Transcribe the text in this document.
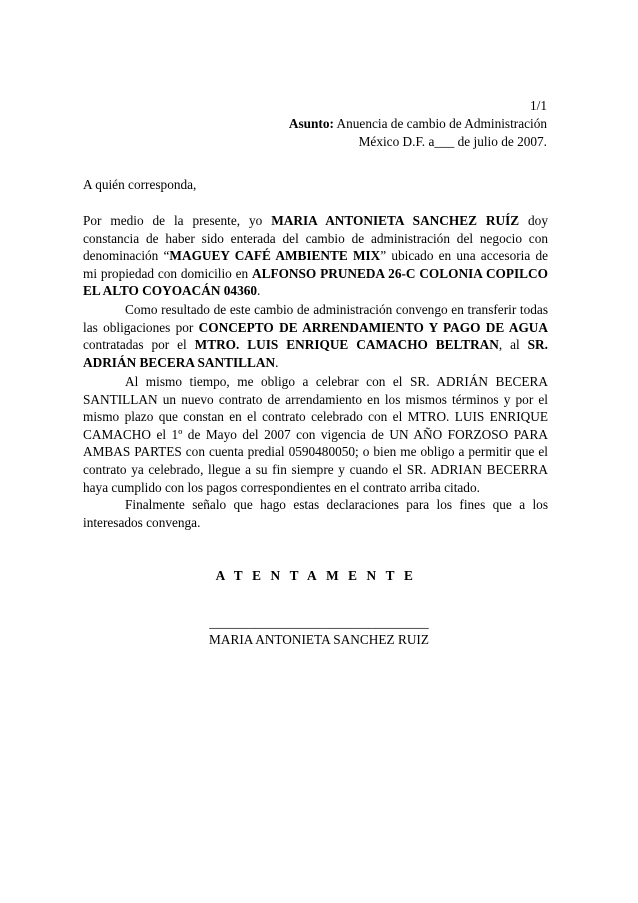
1/1
Asunto: Anuencia de cambio de Administración
México D.F. a___ de julio de 2007.
A quién corresponda,

Por medio de la presente, yo MARIA ANTONIETA SANCHEZ RUÍZ doy constancia de haber sido enterada del cambio de administración del negocio con denominación “MAGUEY CAFÉ AMBIENTE MIX” ubicado en una accesoria de mi propiedad con domicilio en ALFONSO PRUNEDA 26-C COLONIA COPILCO EL ALTO COYOACÁN 04360.

Como resultado de este cambio de administración convengo en transferir todas las obligaciones por CONCEPTO DE ARRENDAMIENTO Y PAGO DE AGUA contratadas por el MTRO. LUIS ENRIQUE CAMACHO BELTRAN, al SR. ADRIÁN BECERA SANTILLAN.

Al mismo tiempo, me obligo a celebrar con el SR. ADRIÁN BECERA SANTILLAN un nuevo contrato de arrendamiento en los mismos términos y por el mismo plazo que constan en el contrato celebrado con el MTRO. LUIS ENRIQUE CAMACHO el 1º de Mayo del 2007 con vigencia de UN AÑO FORZOSO PARA AMBAS PARTES con cuenta predial 0590480050; o bien me obligo a permitir que el contrato ya celebrado, llegue a su fin siempre y cuando el SR. ADRIAN BECERRA haya cumplido con los pagos correspondientes en el contrato arriba citado.

Finalmente señalo que hago estas declaraciones para los fines que a los interesados convenga.

ATENTAMENTE
_________________________________
MARIA ANTONIETA SANCHEZ RUIZ
